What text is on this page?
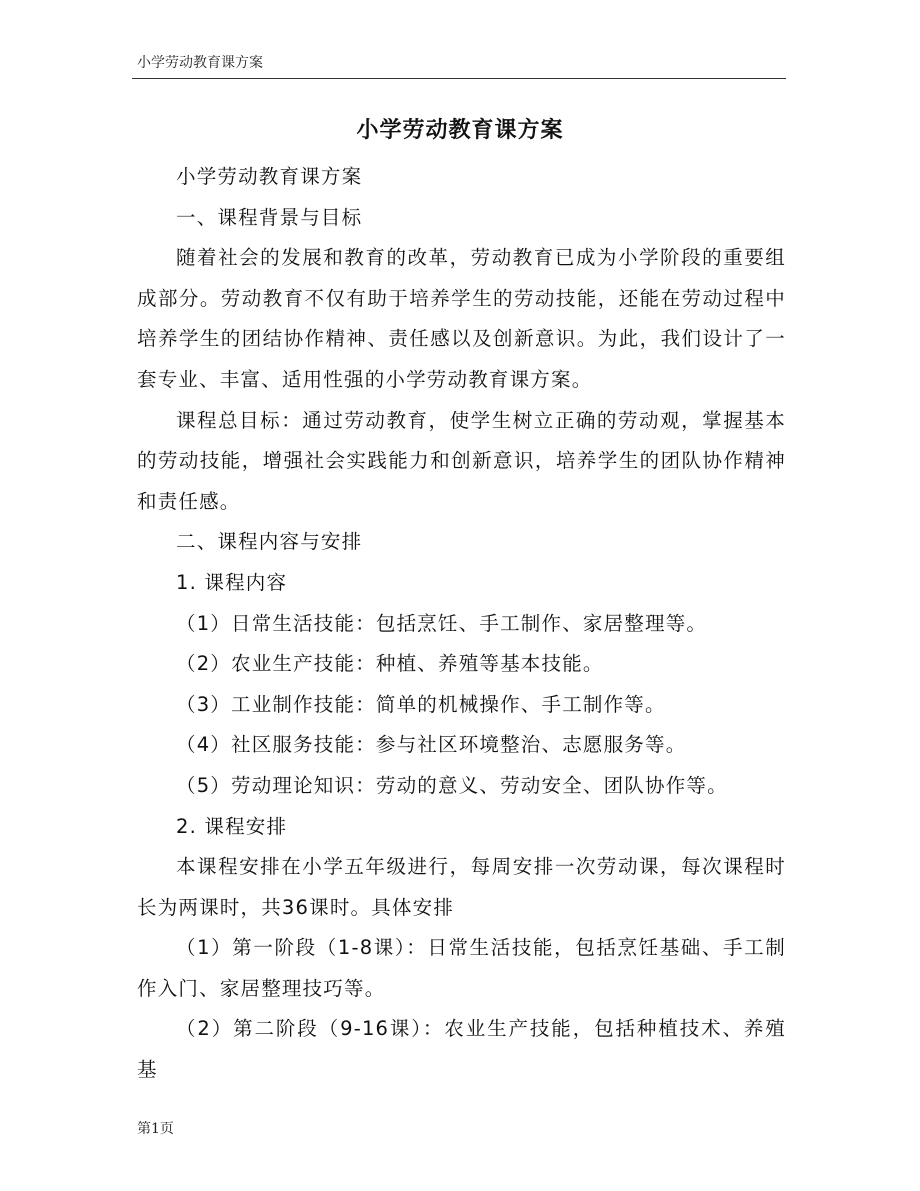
小学劳动教育课方案
小学劳动教育课方案

小学劳动教育课方案

一、课程背景与目标

随着社会的发展和教育的改革，劳动教育已成为小学阶段的重要组成部分。劳动教育不仅有助于培养学生的劳动技能，还能在劳动过程中培养学生的团结协作精神、责任感以及创新意识。为此，我们设计了一套专业、丰富、适用性强的小学劳动教育课方案。

课程总目标：通过劳动教育，使学生树立正确的劳动观，掌握基本的劳动技能，增强社会实践能力和创新意识，培养学生的团队协作精神和责任感。

二、课程内容与安排

1. 课程内容

（1）日常生活技能：包括烹饪、手工制作、家居整理等。

（2）农业生产技能：种植、养殖等基本技能。

（3）工业制作技能：简单的机械操作、手工制作等。

（4）社区服务技能：参与社区环境整治、志愿服务等。

（5）劳动理论知识：劳动的意义、劳动安全、团队协作等。

2. 课程安排

本课程安排在小学五年级进行，每周安排一次劳动课，每次课程时长为两课时，共36课时。具体安排

（1）第一阶段（1-8课）：日常生活技能，包括烹饪基础、手工制作入门、家居整理技巧等。

（2）第二阶段（9-16课）：农业生产技能，包括种植技术、养殖基

第1页
